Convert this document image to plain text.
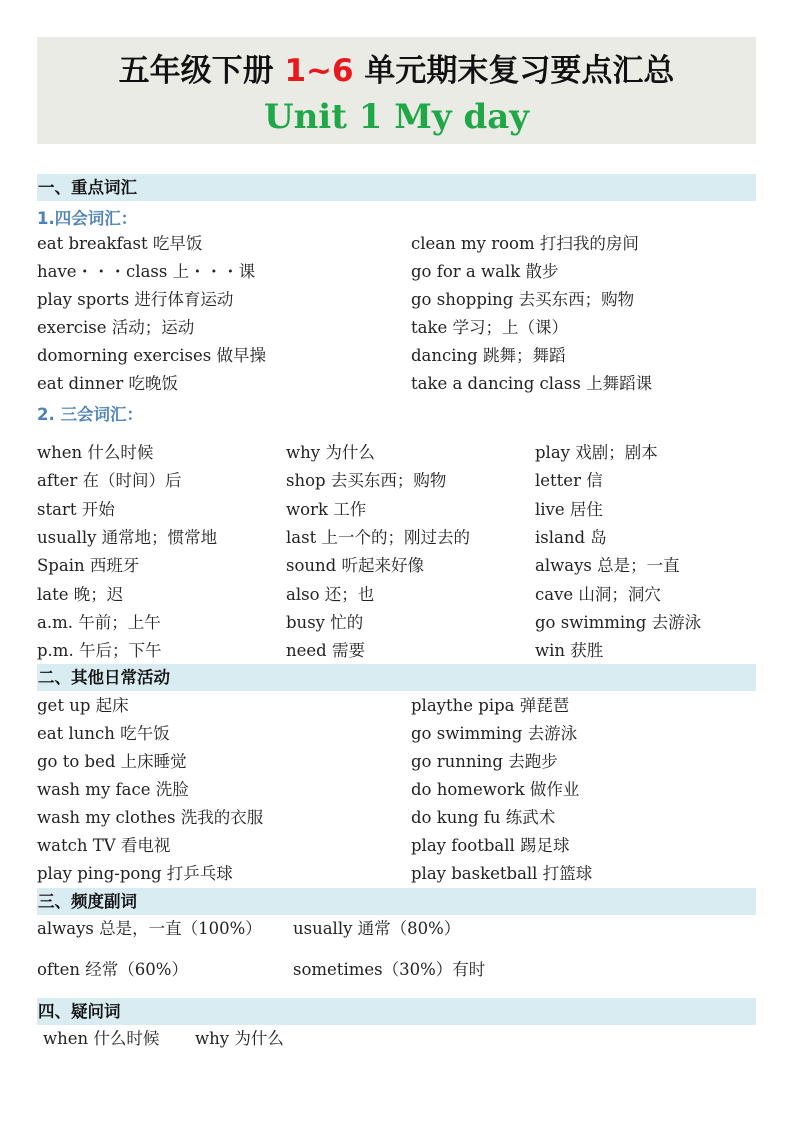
五年级下册 1~6 单元期末复习要点汇总
Unit 1 My day
一、重点词汇
1.四会词汇：
eat breakfast 吃早饭	clean my room 打扫我的房间
have・・・class 上・・・课	go for a walk 散步
play sports 进行体育运动	go shopping 去买东西；购物
exercise 活动；运动	take 学习；上（课）
domorning exercises 做早操	dancing 跳舞；舞蹈
eat dinner 吃晚饭	take a dancing class 上舞蹈课
2. 三会词汇：
when 什么时候	why 为什么	play 戏剧；剧本
after 在（时间）后	shop 去买东西；购物	letter 信
start 开始	work 工作	live 居住
usually 通常地；惯常地	last 上一个的；刚过去的	island 岛
Spain 西班牙	sound 听起来好像	always 总是；一直
late 晚；迟	also 还；也	cave 山洞；洞穴
a.m. 午前；上午	busy 忙的	go swimming 去游泳
p.m. 午后；下午	need 需要	win 获胜
二、其他日常活动
get up 起床	playthe pipa 弹琵琶
eat lunch 吃午饭	go swimming 去游泳
go to bed 上床睡觉	go running 去跑步
wash my face 洗脸	do homework 做作业
wash my clothes 洗我的衣服	do kung fu 练武术
watch TV 看电视	play football 踢足球
play ping-pong 打乒乓球	play basketball 打篮球
三、频度副词
always 总是，一直（100%） usually 通常（80%）
often 经常（60%）	sometimes（30%）有时
四、疑问词
when 什么时候 why 为什么
